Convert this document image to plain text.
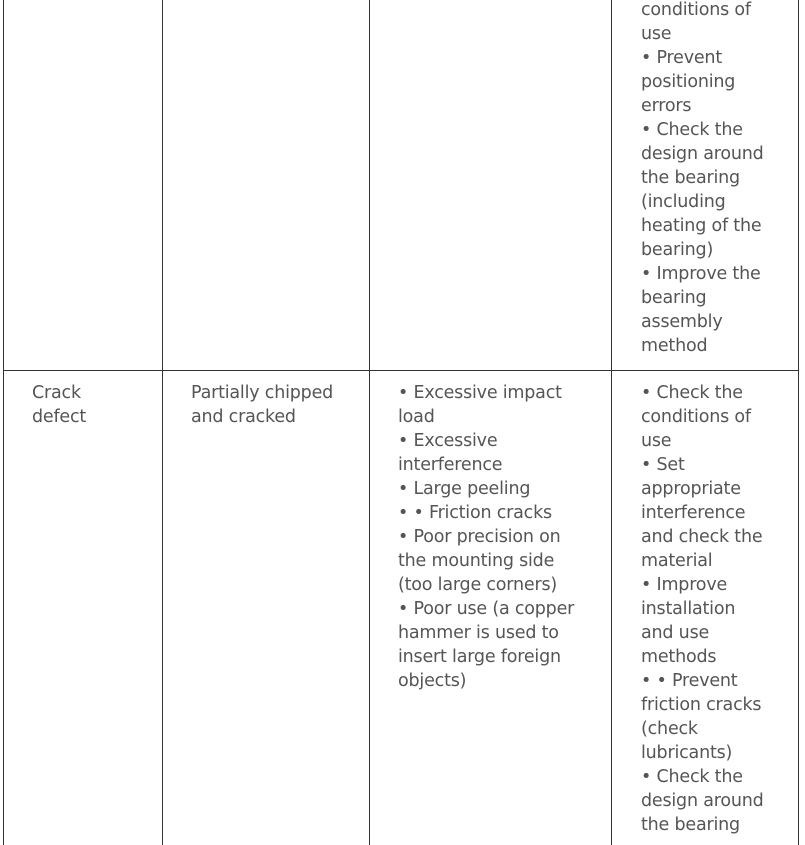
conditions of
use
• Prevent
positioning
errors
• Check the
design around
the bearing
(including
heating of the
bearing)
• Improve the
bearing
assembly
method
Crack
defect
Partially chipped
and cracked
• Excessive impact
load
• Excessive
interference
• Large peeling
• • Friction cracks
• Poor precision on
the mounting side
(too large corners)
• Poor use (a copper
hammer is used to
insert large foreign
objects)
• Check the
conditions of
use
• Set
appropriate
interference
and check the
material
• Improve
installation
and use
methods
• • Prevent
friction cracks
(check
lubricants)
• Check the
design around
the bearing
